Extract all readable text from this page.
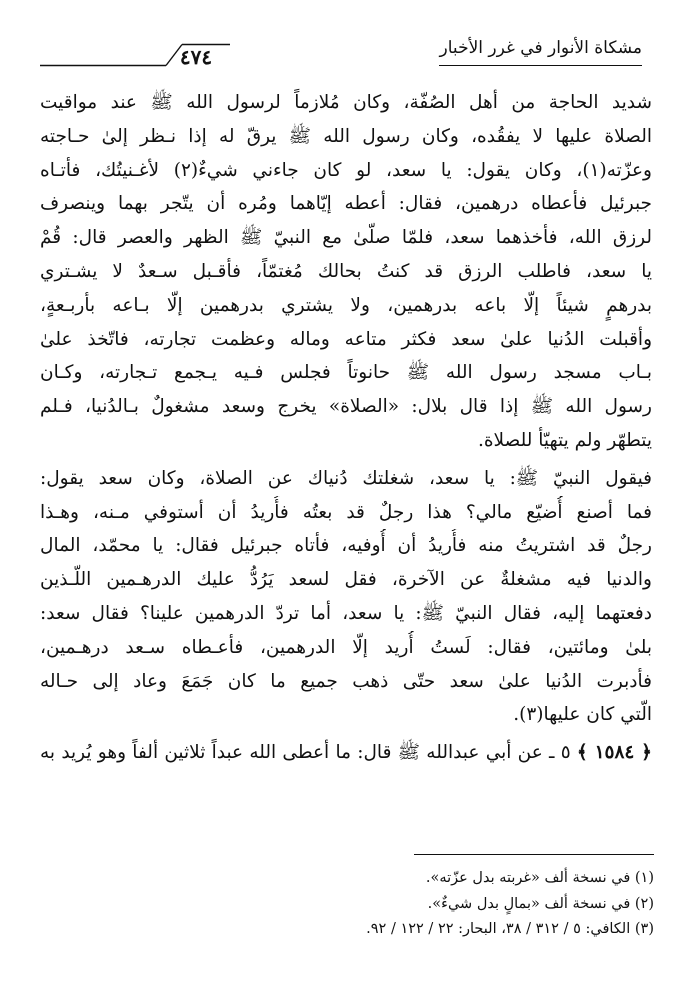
مشكاة الأنوار في غرر الأخبار
٤٧٤
شديد الحاجة من أهل الصُفّة، وكان مُلازماً لرسول الله ﷺ عند مواقيت
الصلاة عليها لا يفقُده، وكان رسول الله ﷺ يرقّ له إذا نـظر إلىٰ حـاجته
وعزّته(١)، وكان يقول: يا سعد، لو كان جاءني شيءٌ(٢) لأغـنيتُك، فأتـاه
جبرئيل فأعطاه درهمين، فقال: أعطه إيّاهما ومُره أن يتّجر بهما وينصرف
لرزق الله، فأخذهما سعد، فلمّا صلّىٰ مع النبيّ ﷺ الظهر والعصر قال: قُمْ
يا سعد، فاطلب الرزق قد كنتُ بحالك مُغتمّاً، فأقـبل سـعدٌ لا يشـتري
بدرهمٍ شيئاً إلّا باعه بدرهمين، ولا يشتري بدرهمين إلّا بـاعه بأربـعةٍ،
وأقبلت الدُنيا علىٰ سعد فكثر متاعه وماله وعظمت تجارته، فاتّخذ علىٰ
بـاب مسجد رسول الله ﷺ حانوتاً فجلس فـيه يـجمع تـجارته، وكـان
رسول الله ﷺ إذا قال بلال: «الصلاة» يخرج وسعد مشغولٌ بـالدُنيا، فـلم
يتطهّر ولم يتهيّأ للصلاة.
فيقول النبيّ ﷺ: يا سعد، شغلتك دُنياك عن الصلاة، وكان سعد يقول:
فما أصنع أُضيّع مالي؟ هذا رجلٌ قد بعتُه فأُريدُ أن أستوفي مـنه، وهـذا
رجلٌ قد اشتريتُ منه فأُريدُ أن أُوفيه، فأتاه جبرئيل فقال: يا محمّد، المال
والدنيا فيه مشغلةٌ عن الآخرة، فقل لسعد يَرُدُّ عليك الدرهـمين اللّـذين
دفعتهما إليه، فقال النبيّ ﷺ: يا سعد، أما تردّ الدرهمين علينا؟ فقال سعد:
بلىٰ ومائتين، فقال: لَستُ أُريد إلّا الدرهمين، فأعـطاه سـعد درهـمين،
فأدبرت الدُنيا علىٰ سعد حتّى ذهب جميع ما كان جَمَعَ وعاد إلى حـاله
الّتي كان عليها(٣).
﴿ ١٥٨٤ ﴾ ٥ ـ عن أبي عبدالله ﷺ قال: ما أعطى الله عبداً ثلاثين ألفاً وهو يُريد به
(١) في نسخة ألف «غربته بدل عزّته».
(٢) في نسخة ألف «بمالٍ بدل شيءٌ».
(٣) الكافي: ٥ / ٣١٢ / ٣٨، البحار: ٢٢ / ١٢٢ / ٩٢.
